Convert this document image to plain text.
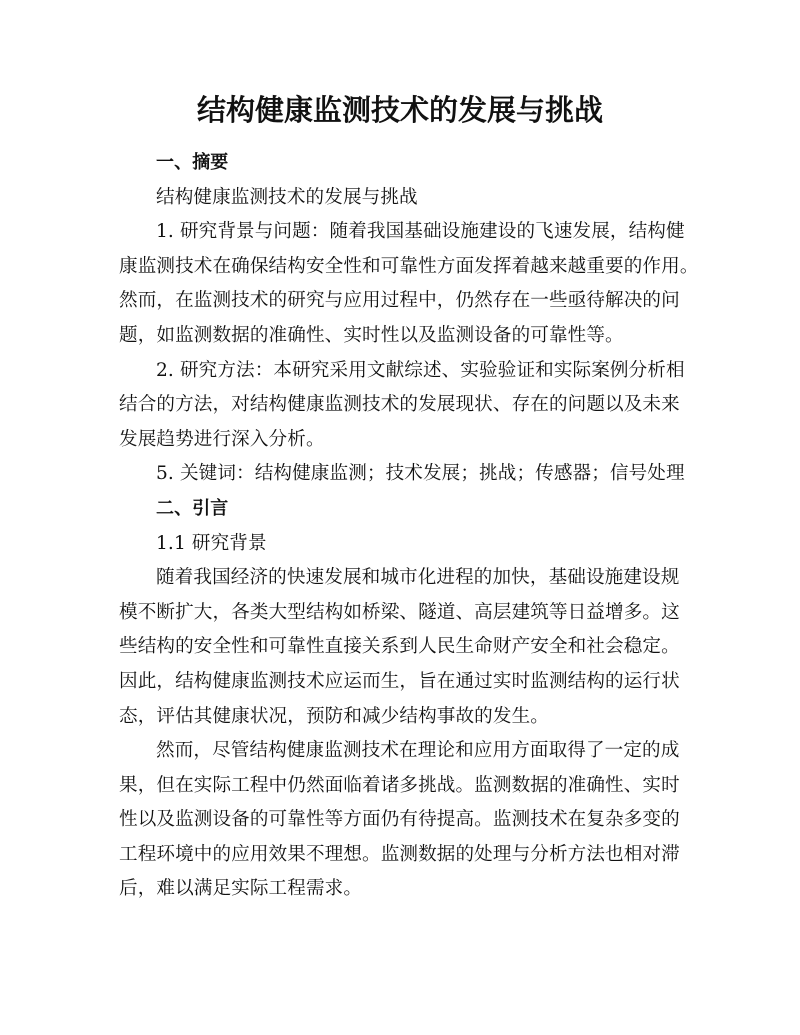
结构健康监测技术的发展与挑战
一、摘要
结构健康监测技术的发展与挑战
1. 研究背景与问题：随着我国基础设施建设的飞速发展，结构健
康监测技术在确保结构安全性和可靠性方面发挥着越来越重要的作用。
然而，在监测技术的研究与应用过程中，仍然存在一些亟待解决的问
题，如监测数据的准确性、实时性以及监测设备的可靠性等。
2. 研究方法：本研究采用文献综述、实验验证和实际案例分析相
结合的方法，对结构健康监测技术的发展现状、存在的问题以及未来
发展趋势进行深入分析。
5. 关键词：结构健康监测；技术发展；挑战；传感器；信号处理
二、引言
1.1 研究背景
随着我国经济的快速发展和城市化进程的加快，基础设施建设规
模不断扩大，各类大型结构如桥梁、隧道、高层建筑等日益增多。这
些结构的安全性和可靠性直接关系到人民生命财产安全和社会稳定。
因此，结构健康监测技术应运而生，旨在通过实时监测结构的运行状
态，评估其健康状况，预防和减少结构事故的发生。
然而，尽管结构健康监测技术在理论和应用方面取得了一定的成
果，但在实际工程中仍然面临着诸多挑战。监测数据的准确性、实时
性以及监测设备的可靠性等方面仍有待提高。监测技术在复杂多变的
工程环境中的应用效果不理想。监测数据的处理与分析方法也相对滞
后，难以满足实际工程需求。
